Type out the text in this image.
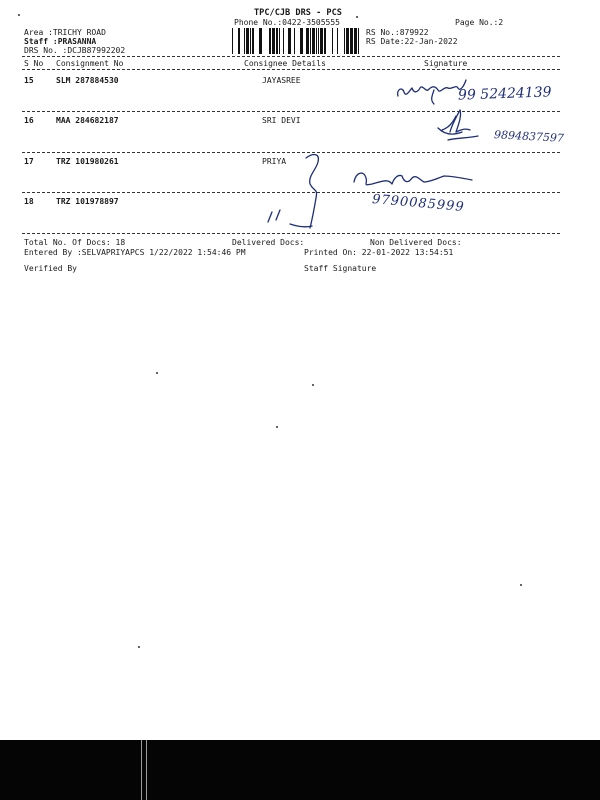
TPC/CJB DRS - PCS
Phone No.:0422-3505555	Page No.:2
Area :TRICHY ROAD
Staff :PRASANNA
DRS No. :DCJB87992202
RS No.:879922
RS Date:22-Jan-2022
S No Consignment No	Consignee Details	Signature
15	SLM 287884530	JAYASREE
16	MAA 284682187	SRI DEVI
17	TRZ 101980261	PRIYA
18	TRZ 101978897
99 52424139
9894837597
9790085999
Total No. Of Docs: 18	Delivered Docs:	Non Delivered Docs:
Entered By :SELVAPRIYAPCS 1/22/2022 1:54:46 PM	Printed On: 22-01-2022 13:54:51
Verified By	Staff Signature
